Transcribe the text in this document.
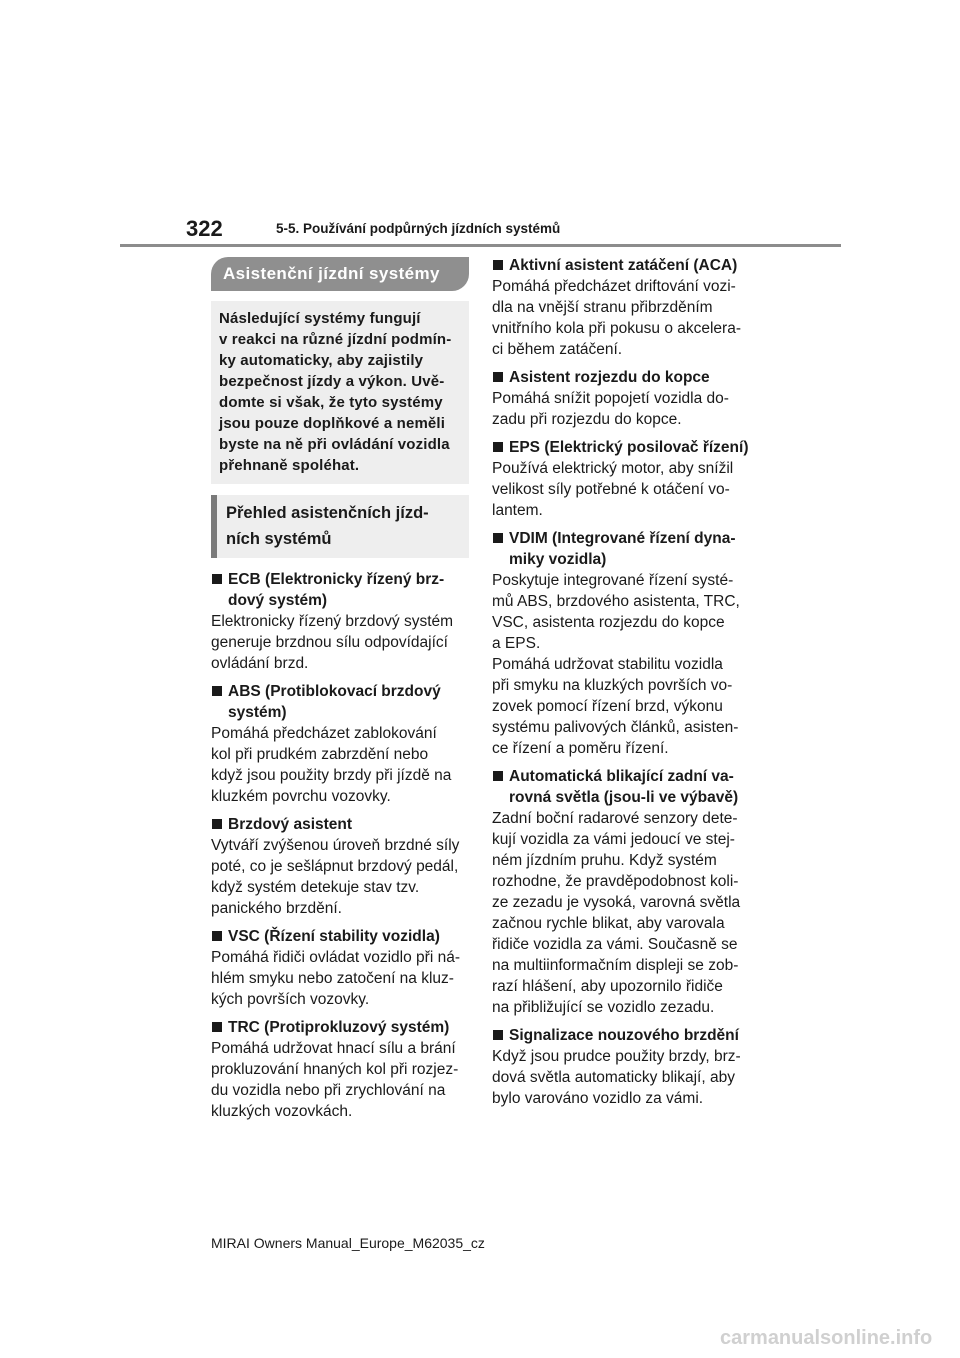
322	5-5. Používání podpůrných jízdních systémů
Asistenční jízdní systémy
Následující systémy fungují
v reakci na různé jízdní podmín-
ky automaticky, aby zajistily
bezpečnost jízdy a výkon. Uvě-
domte si však, že tyto systémy
jsou pouze doplňkové a neměli
byste na ně při ovládání vozidla
přehnaně spoléhat.
Přehled asistenčních jízd-
ních systémů
ECB (Elektronicky řízený brz-
dový systém)
Elektronicky řízený brzdový systém
generuje brzdnou sílu odpovídající
ovládání brzd.
ABS (Protiblokovací brzdový
systém)
Pomáhá předcházet zablokování
kol při prudkém zabrzdění nebo
když jsou použity brzdy při jízdě na
kluzkém povrchu vozovky.
Brzdový asistent
Vytváří zvýšenou úroveň brzdné síly
poté, co je sešlápnut brzdový pedál,
když systém detekuje stav tzv.
panického brzdění.
VSC (Řízení stability vozidla)
Pomáhá řidiči ovládat vozidlo při ná-
hlém smyku nebo zatočení na kluz-
kých površích vozovky.
TRC (Protiprokluzový systém)
Pomáhá udržovat hnací sílu a brání
prokluzování hnaných kol při rozjez-
du vozidla nebo při zrychlování na
kluzkých vozovkách.
Aktivní asistent zatáčení (ACA)
Pomáhá předcházet driftování vozi-
dla na vnější stranu přibrzděním
vnitřního kola při pokusu o akcelera-
ci během zatáčení.
Asistent rozjezdu do kopce
Pomáhá snížit popojetí vozidla do-
zadu při rozjezdu do kopce.
EPS (Elektrický posilovač řízení)
Používá elektrický motor, aby snížil
velikost síly potřebné k otáčení vo-
lantem.
VDIM (Integrované řízení dyna-
miky vozidla)
Poskytuje integrované řízení systé-
mů ABS, brzdového asistenta, TRC,
VSC, asistenta rozjezdu do kopce
a EPS.
Pomáhá udržovat stabilitu vozidla
při smyku na kluzkých površích vo-
zovek pomocí řízení brzd, výkonu
systému palivových článků, asisten-
ce řízení a poměru řízení.
Automatická blikající zadní va-
rovná světla (jsou-li ve výbavě)
Zadní boční radarové senzory dete-
kují vozidla za vámi jedoucí ve stej-
ném jízdním pruhu. Když systém
rozhodne, že pravděpodobnost koli-
ze zezadu je vysoká, varovná světla
začnou rychle blikat, aby varovala
řidiče vozidla za vámi. Současně se
na multiinformačním displeji se zob-
razí hlášení, aby upozornilo řidiče
na přibližující se vozidlo zezadu.
Signalizace nouzového brzdění
Když jsou prudce použity brzdy, brz-
dová světla automaticky blikají, aby
bylo varováno vozidlo za vámi.
MIRAI Owners Manual_Europe_M62035_cz
carmanualsonline.info
